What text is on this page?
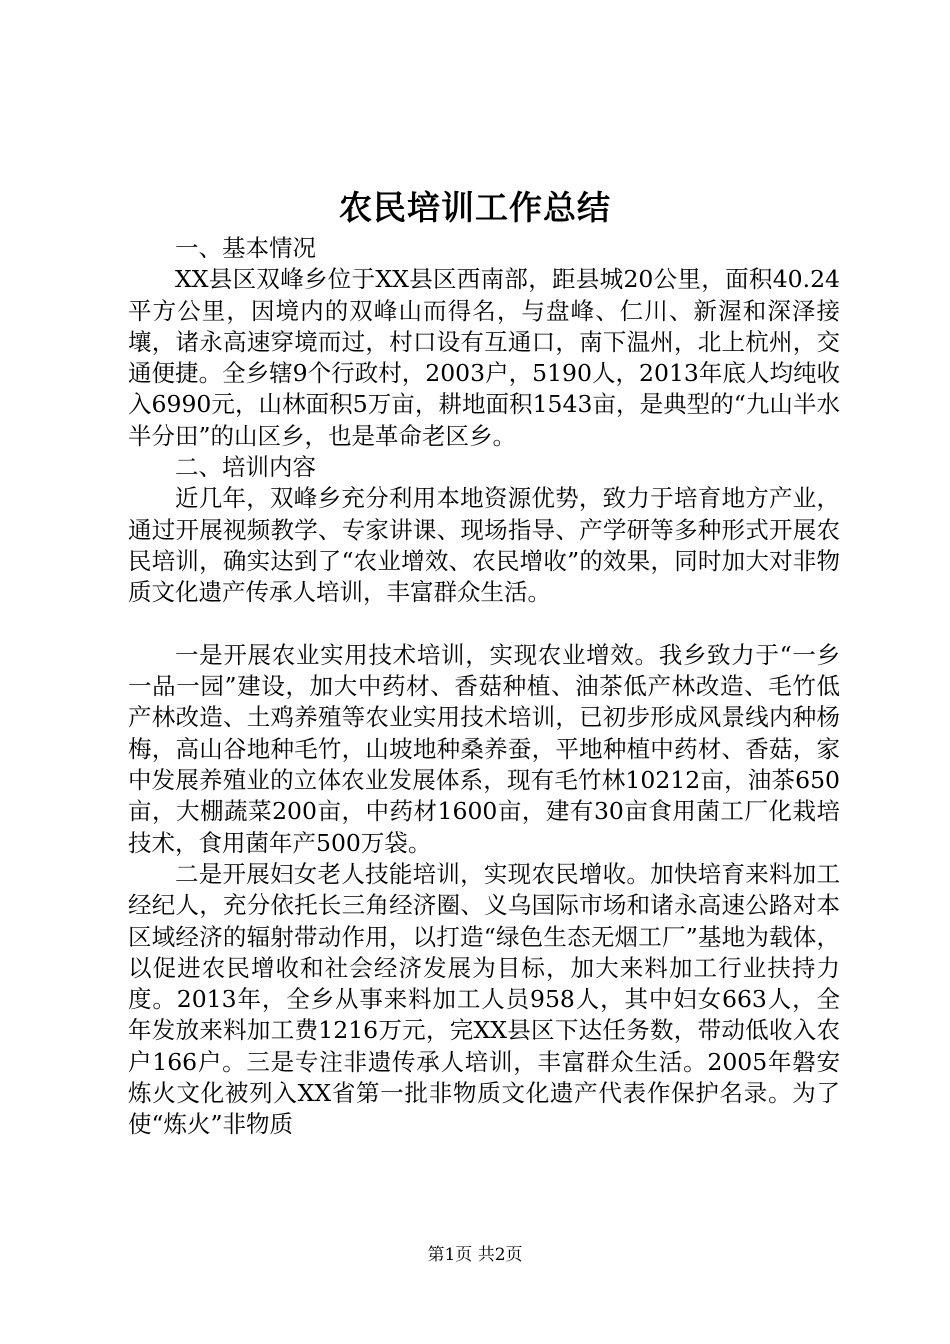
农民培训工作总结

一、基本情况

XX县区双峰乡位于XX县区西南部，距县城20公里，面积40.24平方公里，因境内的双峰山而得名，与盘峰、仁川、新渥和深泽接壤，诸永高速穿境而过，村口设有互通口，南下温州，北上杭州，交通便捷。全乡辖9个行政村，2003户，5190人，2013年底人均纯收入6990元，山林面积5万亩，耕地面积1543亩，是典型的“九山半水半分田”的山区乡，也是革命老区乡。

二、培训内容

近几年，双峰乡充分利用本地资源优势，致力于培育地方产业，通过开展视频教学、专家讲课、现场指导、产学研等多种形式开展农民培训，确实达到了“农业增效、农民增收”的效果，同时加大对非物质文化遗产传承人培训，丰富群众生活。

一是开展农业实用技术培训，实现农业增效。我乡致力于“一乡一品一园”建设，加大中药材、香菇种植、油茶低产林改造、毛竹低产林改造、土鸡养殖等农业实用技术培训，已初步形成风景线内种杨梅，高山谷地种毛竹，山坡地种桑养蚕，平地种植中药材、香菇，家中发展养殖业的立体农业发展体系，现有毛竹林10212亩，油茶650亩，大棚蔬菜200亩，中药材1600亩，建有30亩食用菌工厂化栽培技术，食用菌年产500万袋。

二是开展妇女老人技能培训，实现农民增收。加快培育来料加工经纪人，充分依托长三角经济圈、义乌国际市场和诸永高速公路对本区域经济的辐射带动作用，以打造“绿色生态无烟工厂”基地为载体，以促进农民增收和社会经济发展为目标，加大来料加工行业扶持力度。2013年，全乡从事来料加工人员958人，其中妇女663人，全年发放来料加工费1216万元，完XX县区下达任务数，带动低收入农户166户。三是专注非遗传承人培训，丰富群众生活。2005年磐安炼火文化被列入XX省第一批非物质文化遗产代表作保护名录。为了使“炼火”非物质

第1页 共2页
